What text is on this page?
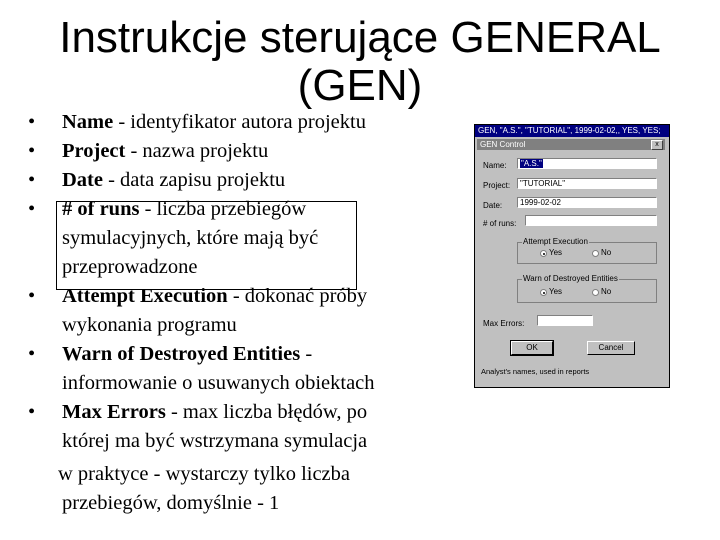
Instrukcje sterujące GENERAL (GEN)
• Name - identyfikator autora projektu
• Project - nazwa projektu
• Date - data zapisu projektu
• # of runs - liczba przebiegów
symulacyjnych, które mają być
przeprowadzone
• Attempt Execution - dokonać próby
wykonania programu
• Warn of Destroyed Entities -
informowanie o usuwanych obiektach
• Max Errors - max liczba błędów, po
której ma być wstrzymana symulacja
w praktyce - wystarczy tylko liczba
przebiegów, domyślnie - 1
GEN, "A.S.", "TUTORIAL", 1999-02-02,, YES, YES;
GEN Control	x
Name:	"A.S."
Project:	"TUTORIAL"
Date:	1999-02-02
# of runs:
Attempt Execution
Yes	No
Warn of Destroyed Entities
Yes	No
Max Errors:
OK	Cancel
Analyst's names, used in reports
